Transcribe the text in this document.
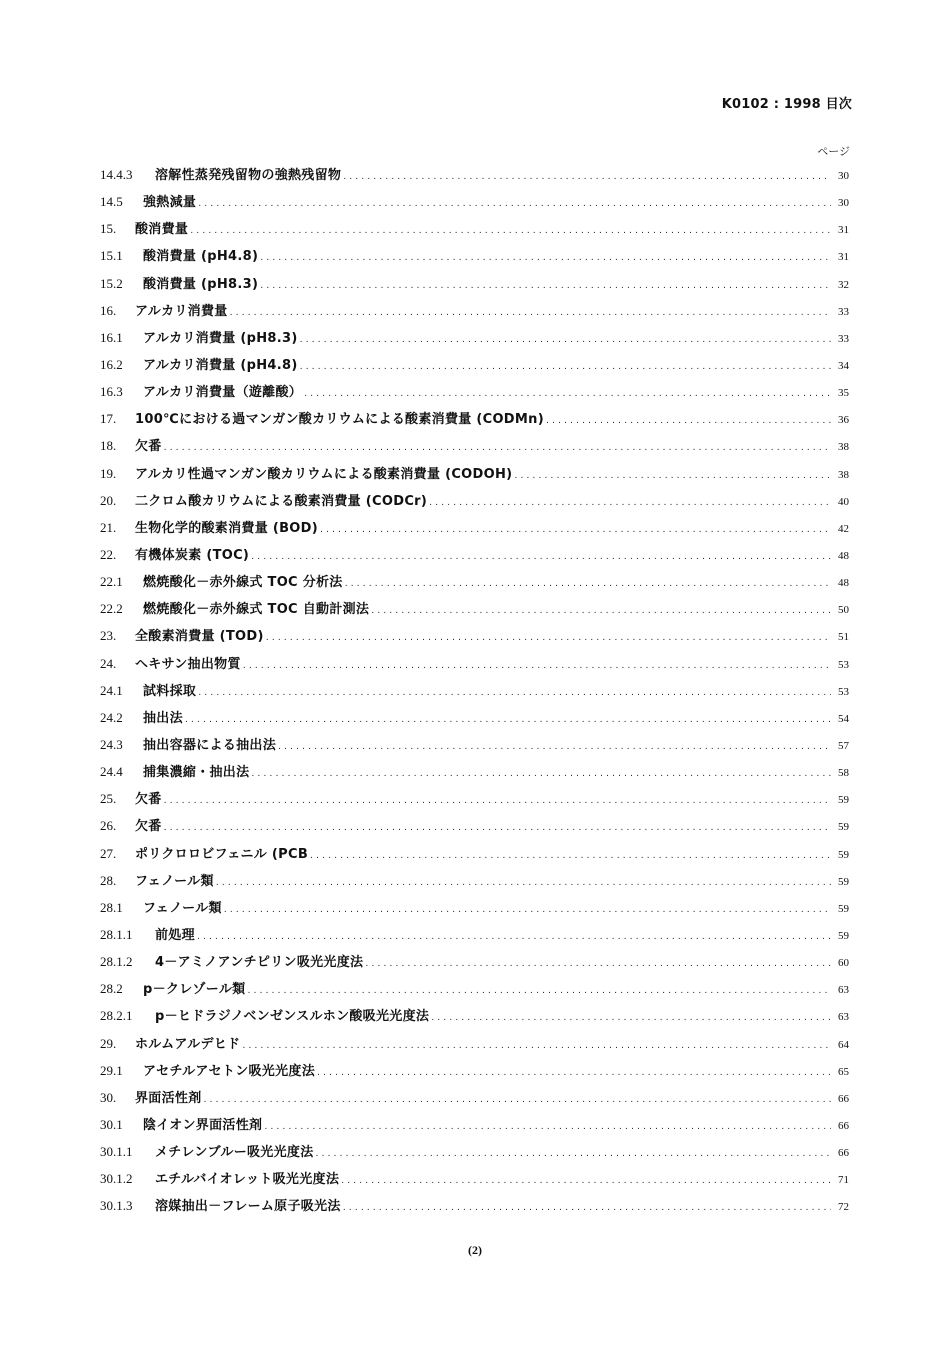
K0102 : 1998 目次
ページ
14.4.3	溶解性蒸発残留物の強熱残留物 ․․․․․․․․․․․․․․․․․․․․․․․․․․․․․․․․․․․․․․․․․․․․․․․․․․․․․․․․․․․․․․․․․․․․․․․․․․․․․․․․․․․․․․․․․․․․․․․․․․․․․․․․․․․․․․․․․․․․․․․․	30
14.5	強熱減量 ․․․․․․․․․․․․․․․․․․․․․․․․․․․․․․․․․․․․․․․․․․․․․․․․․․․․․․․․․․․․․․․․․․․․․․․․․․․․․․․․․․․․․․․․․․․․․․․․․․․․․․․․․․․․․․․․․․․․․․․․	30
15.	酸消費量 ․․․․․․․․․․․․․․․․․․․․․․․․․․․․․․․․․․․․․․․․․․․․․․․․․․․․․․․․․․․․․․․․․․․․․․․․․․․․․․․․․․․․․․․․․․․․․․․․․․․․․․․․․․․․․․․․․․․․․․․․	31
15.1	酸消費量 (pH4.8) ․․․․․․․․․․․․․․․․․․․․․․․․․․․․․․․․․․․․․․․․․․․․․․․․․․․․․․․․․․․․․․․․․․․․․․․․․․․․․․․․․․․․․․․․․․․․․․․․․․․․․․․․․․․․․․․․․․․․․․․․	31
15.2	酸消費量 (pH8.3) ․․․․․․․․․․․․․․․․․․․․․․․․․․․․․․․․․․․․․․․․․․․․․․․․․․․․․․․․․․․․․․․․․․․․․․․․․․․․․․․․․․․․․․․․․․․․․․․․․․․․․․․․․․․․․․․․․․․․․․․․	32
16.	アルカリ消費量 ․․․․․․․․․․․․․․․․․․․․․․․․․․․․․․․․․․․․․․․․․․․․․․․․․․․․․․․․․․․․․․․․․․․․․․․․․․․․․․․․․․․․․․․․․․․․․․․․․․․․․․․․․․․․․․․․․․․․․․․․	33
16.1	アルカリ消費量 (pH8.3) ․․․․․․․․․․․․․․․․․․․․․․․․․․․․․․․․․․․․․․․․․․․․․․․․․․․․․․․․․․․․․․․․․․․․․․․․․․․․․․․․․․․․․․․․․․․․․․․․․․․․․․․․․․․․․․․․․․․․․․․․	33
16.2	アルカリ消費量 (pH4.8) ․․․․․․․․․․․․․․․․․․․․․․․․․․․․․․․․․․․․․․․․․․․․․․․․․․․․․․․․․․․․․․․․․․․․․․․․․․․․․․․․․․․․․․․․․․․․․․․․․․․․․․․․․․․․․․․․․․․․․․․․	34
16.3	アルカリ消費量（遊離酸） ․․․․․․․․․․․․․․․․․․․․․․․․․․․․․․․․․․․․․․․․․․․․․․․․․․․․․․․․․․․․․․․․․․․․․․․․․․․․․․․․․․․․․․․․․․․․․․․․․․․․․․․․․․․․․․․․․․․․․․․․	35
17.	100℃における過マンガン酸カリウムによる酸素消費量 (CODMn) ․․․․․․․․․․․․․․․․․․․․․․․․․․․․․․․․․․․․․․․․․․․․․․․․․․․․․․․․․․․․․․․․․․․․․․․․․․․․․․․․․․․․․․․․․․․․․․․․․․․․․․․․․․․․․․․․․․․․․․․․	36
18.	欠番 ․․․․․․․․․․․․․․․․․․․․․․․․․․․․․․․․․․․․․․․․․․․․․․․․․․․․․․․․․․․․․․․․․․․․․․․․․․․․․․․․․․․․․․․․․․․․․․․․․․․․․․․․․․․․․․․․․․․․․․․․	38
19.	アルカリ性過マンガン酸カリウムによる酸素消費量 (CODOH) ․․․․․․․․․․․․․․․․․․․․․․․․․․․․․․․․․․․․․․․․․․․․․․․․․․․․․․․․․․․․․․․․․․․․․․․․․․․․․․․․․․․․․․․․․․․․․․․․․․․․․․․․․․․․․․․․․․․․․․․․	38
20.	二クロム酸カリウムによる酸素消費量 (CODCr) ․․․․․․․․․․․․․․․․․․․․․․․․․․․․․․․․․․․․․․․․․․․․․․․․․․․․․․․․․․․․․․․․․․․․․․․․․․․․․․․․․․․․․․․․․․․․․․․․․․․․․․․․․․․․․․․․․․․․․․․․	40
21.	生物化学的酸素消費量 (BOD) ․․․․․․․․․․․․․․․․․․․․․․․․․․․․․․․․․․․․․․․․․․․․․․․․․․․․․․․․․․․․․․․․․․․․․․․․․․․․․․․․․․․․․․․․․․․․․․․․․․․․․․․․․․․․․․․․․․․․․․․․	42
22.	有機体炭素 (TOC) ․․․․․․․․․․․․․․․․․․․․․․․․․․․․․․․․․․․․․․․․․․․․․․․․․․․․․․․․․․․․․․․․․․․․․․․․․․․․․․․․․․․․․․․․․․․․․․․․․․․․․․․․․․․․․․․․․․․․․․․․	48
22.1	燃焼酸化－赤外線式 TOC 分析法 ․․․․․․․․․․․․․․․․․․․․․․․․․․․․․․․․․․․․․․․․․․․․․․․․․․․․․․․․․․․․․․․․․․․․․․․․․․․․․․․․․․․․․․․․․․․․․․․․․․․․․․․․․․․․․․․․․․․․․․․․	48
22.2	燃焼酸化－赤外線式 TOC 自動計測法 ․․․․․․․․․․․․․․․․․․․․․․․․․․․․․․․․․․․․․․․․․․․․․․․․․․․․․․․․․․․․․․․․․․․․․․․․․․․․․․․․․․․․․․․․․․․․․․․․․․․․․․․․․․․․․․․․․․․․․․․․	50
23.	全酸素消費量 (TOD) ․․․․․․․․․․․․․․․․․․․․․․․․․․․․․․․․․․․․․․․․․․․․․․․․․․․․․․․․․․․․․․․․․․․․․․․․․․․․․․․․․․․․․․․․․․․․․․․․․․․․․․․․․․․․․․․․․․․․․․․․	51
24.	ヘキサン抽出物質 ․․․․․․․․․․․․․․․․․․․․․․․․․․․․․․․․․․․․․․․․․․․․․․․․․․․․․․․․․․․․․․․․․․․․․․․․․․․․․․․․․․․․․․․․․․․․․․․․․․․․․․․․․․․․․․․․․․․․․․․․	53
24.1	試料採取 ․․․․․․․․․․․․․․․․․․․․․․․․․․․․․․․․․․․․․․․․․․․․․․․․․․․․․․․․․․․․․․․․․․․․․․․․․․․․․․․․․․․․․․․․․․․․․․․․․․․․․․․․․․․․․․․․․․․․․․․․	53
24.2	抽出法 ․․․․․․․․․․․․․․․․․․․․․․․․․․․․․․․․․․․․․․․․․․․․․․․․․․․․․․․․․․․․․․․․․․․․․․․․․․․․․․․․․․․․․․․․․․․․․․․․․․․․․․․․․․․․․․․․․․․․․․․․	54
24.3	抽出容器による抽出法 ․․․․․․․․․․․․․․․․․․․․․․․․․․․․․․․․․․․․․․․․․․․․․․․․․․․․․․․․․․․․․․․․․․․․․․․․․․․․․․․․․․․․․․․․․․․․․․․․․․․․․․․․․․․․․․․․․․․․․․․․	57
24.4	捕集濃縮・抽出法 ․․․․․․․․․․․․․․․․․․․․․․․․․․․․․․․․․․․․․․․․․․․․․․․․․․․․․․․․․․․․․․․․․․․․․․․․․․․․․․․․․․․․․․․․․․․․․․․․․․․․․․․․․․․․․․․․․․․․․․․․	58
25.	欠番 ․․․․․․․․․․․․․․․․․․․․․․․․․․․․․․․․․․․․․․․․․․․․․․․․․․․․․․․․․․․․․․․․․․․․․․․․․․․․․․․․․․․․․․․․․․․․․․․․․․․․․․․․․․․․․․․․․․․․․․․․	59
26.	欠番 ․․․․․․․․․․․․․․․․․․․․․․․․․․․․․․․․․․․․․․․․․․․․․․․․․․․․․․․․․․․․․․․․․․․․․․․․․․․․․․․․․․․․․․․․․․․․․․․․․․․․․․․․․․․․․․․․․․․․․․․․	59
27.	ポリクロロビフェニル (PCB ․․․․․․․․․․․․․․․․․․․․․․․․․․․․․․․․․․․․․․․․․․․․․․․․․․․․․․․․․․․․․․․․․․․․․․․․․․․․․․․․․․․․․․․․․․․․․․․․․․․․․․․․․․․․․․․․․․․․․․․․	59
28.	フェノール類 ․․․․․․․․․․․․․․․․․․․․․․․․․․․․․․․․․․․․․․․․․․․․․․․․․․․․․․․․․․․․․․․․․․․․․․․․․․․․․․․․․․․․․․․․․․․․․․․․․․․․․․․․․․․․․․․․․․․․․․․․	59
28.1	フェノール類 ․․․․․․․․․․․․․․․․․․․․․․․․․․․․․․․․․․․․․․․․․․․․․․․․․․․․․․․․․․․․․․․․․․․․․․․․․․․․․․․․․․․․․․․․․․․․․․․․․․․․․․․․․․․․․․․․․․․․․․․․	59
28.1.1	前処理 ․․․․․․․․․․․․․․․․․․․․․․․․․․․․․․․․․․․․․․․․․․․․․․․․․․․․․․․․․․․․․․․․․․․․․․․․․․․․․․․․․․․․․․․․․․․․․․․․․․․․․․․․․․․․․․․․․․․․․․․․	59
28.1.2	4－アミノアンチピリン吸光光度法 ․․․․․․․․․․․․․․․․․․․․․․․․․․․․․․․․․․․․․․․․․․․․․․․․․․․․․․․․․․․․․․․․․․․․․․․․․․․․․․․․․․․․․․․․․․․․․․․․․․․․․․․․․․․․․․․․․․․․․․․․	60
28.2	p－クレゾール類 ․․․․․․․․․․․․․․․․․․․․․․․․․․․․․․․․․․․․․․․․․․․․․․․․․․․․․․․․․․․․․․․․․․․․․․․․․․․․․․․․․․․․․․․․․․․․․․․․․․․․․․․․․․․․․․․․․․․․․․․․	63
28.2.1	p－ヒドラジノベンゼンスルホン酸吸光光度法 ․․․․․․․․․․․․․․․․․․․․․․․․․․․․․․․․․․․․․․․․․․․․․․․․․․․․․․․․․․․․․․․․․․․․․․․․․․․․․․․․․․․․․․․․․․․․․․․․․․․․․․․․․․․․․․․․․․․․․․․․	63
29.	ホルムアルデヒド ․․․․․․․․․․․․․․․․․․․․․․․․․․․․․․․․․․․․․․․․․․․․․․․․․․․․․․․․․․․․․․․․․․․․․․․․․․․․․․․․․․․․․․․․․․․․․․․․․․․․․․․․․․․․․․․․․․․․․․․․	64
29.1	アセチルアセトン吸光光度法 ․․․․․․․․․․․․․․․․․․․․․․․․․․․․․․․․․․․․․․․․․․․․․․․․․․․․․․․․․․․․․․․․․․․․․․․․․․․․․․․․․․․․․․․․․․․․․․․․․․․․․․․․․․․․․․․․․․․․․․․․	65
30.	界面活性剤 ․․․․․․․․․․․․․․․․․․․․․․․․․․․․․․․․․․․․․․․․․․․․․․․․․․․․․․․․․․․․․․․․․․․․․․․․․․․․․․․․․․․․․․․․․․․․․․․․․․․․․․․․․․․․․․․․․․․․․․․․	66
30.1	陰イオン界面活性剤 ․․․․․․․․․․․․․․․․․․․․․․․․․․․․․․․․․․․․․․․․․․․․․․․․․․․․․․․․․․․․․․․․․․․․․․․․․․․․․․․․․․․․․․․․․․․․․․․․․․․․․․․․․․․․․․․․․․․․․․․․	66
30.1.1	メチレンブルー吸光光度法 ․․․․․․․․․․․․․․․․․․․․․․․․․․․․․․․․․․․․․․․․․․․․․․․․․․․․․․․․․․․․․․․․․․․․․․․․․․․․․․․․․․․․․․․․․․․․․․․․․․․․․․․․․․․․․․․․․․․․․․․․	66
30.1.2	エチルバイオレット吸光光度法 ․․․․․․․․․․․․․․․․․․․․․․․․․․․․․․․․․․․․․․․․․․․․․․․․․․․․․․․․․․․․․․․․․․․․․․․․․․․․․․․․․․․․․․․․․․․․․․․․․․․․․․․․․․․․․․․․․․․․․․․․	71
30.1.3	溶媒抽出－フレーム原子吸光法 ․․․․․․․․․․․․․․․․․․․․․․․․․․․․․․․․․․․․․․․․․․․․․․․․․․․․․․․․․․․․․․․․․․․․․․․․․․․․․․․․․․․․․․․․․․․․․․․․․․․․․․․․․․․․․․․․․․․․․․․․	72
(2)
